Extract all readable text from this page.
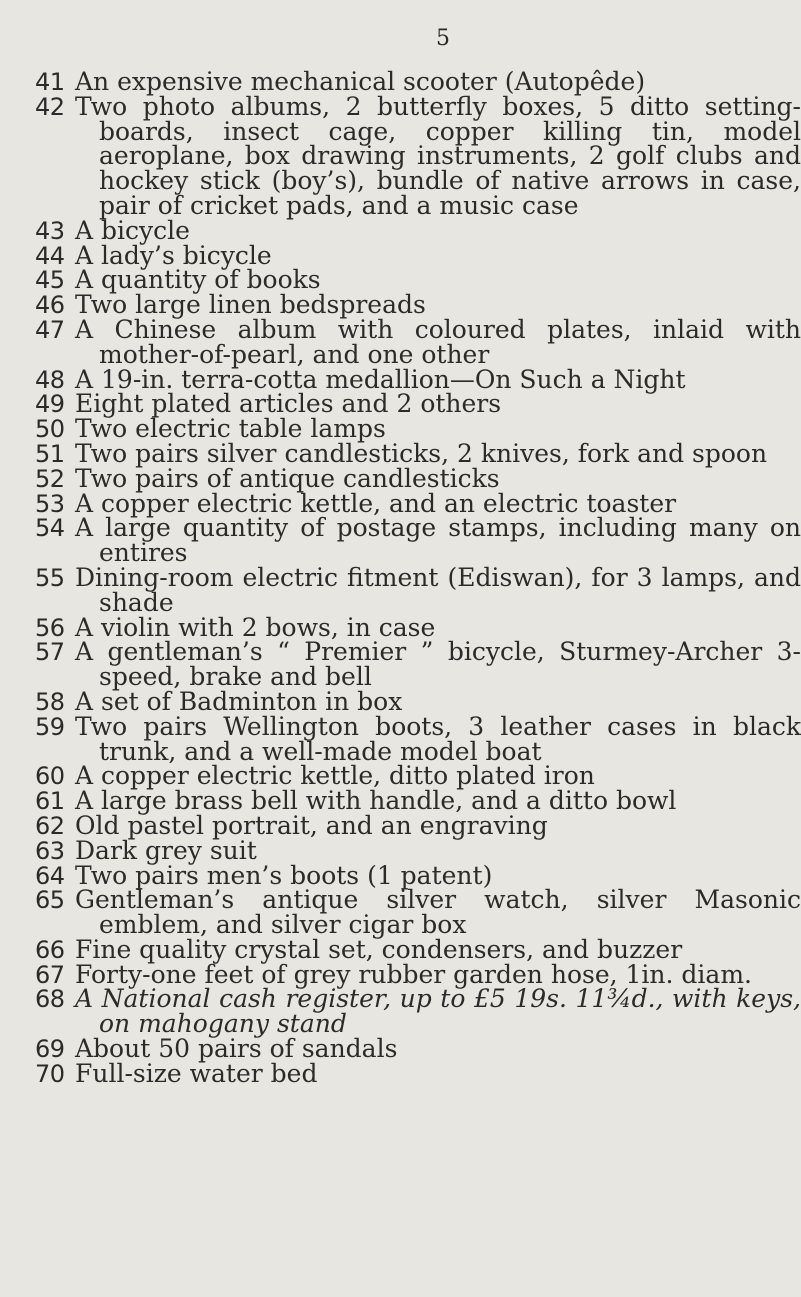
5
41 An expensive mechanical scooter (Autopêde)
42 Two photo albums, 2 butterfly boxes, 5 ditto setting-boards, insect cage, copper killing tin, model aeroplane, box drawing instruments, 2 golf clubs and hockey stick (boy’s), bundle of native arrows in case, pair of cricket pads, and a music case
43 A bicycle
44 A lady’s bicycle
45 A quantity of books
46 Two large linen bedspreads
47 A Chinese album with coloured plates, inlaid with mother-of-pearl, and one other
48 A 19-in. terra-cotta medallion—On Such a Night
49 Eight plated articles and 2 others
50 Two electric table lamps
51 Two pairs silver candlesticks, 2 knives, fork and spoon
52 Two pairs of antique candlesticks
53 A copper electric kettle, and an electric toaster
54 A large quantity of postage stamps, including many on entires
55 Dining-room electric fitment (Ediswan), for 3 lamps, and shade
56 A violin with 2 bows, in case
57 A gentleman’s “ Premier ” bicycle, Sturmey-Archer 3-speed, brake and bell
58 A set of Badminton in box
59 Two pairs Wellington boots, 3 leather cases in black trunk, and a well-made model boat
60 A copper electric kettle, ditto plated iron
61 A large brass bell with handle, and a ditto bowl
62 Old pastel portrait, and an engraving
63 Dark grey suit
64 Two pairs men’s boots (1 patent)
65 Gentleman’s antique silver watch, silver Masonic emblem, and silver cigar box
66 Fine quality crystal set, condensers, and buzzer
67 Forty-one feet of grey rubber garden hose, 1in. diam.
68 A National cash register, up to £5 19s. 11¾d., with keys, on mahogany stand
69 About 50 pairs of sandals
70 Full-size water bed
